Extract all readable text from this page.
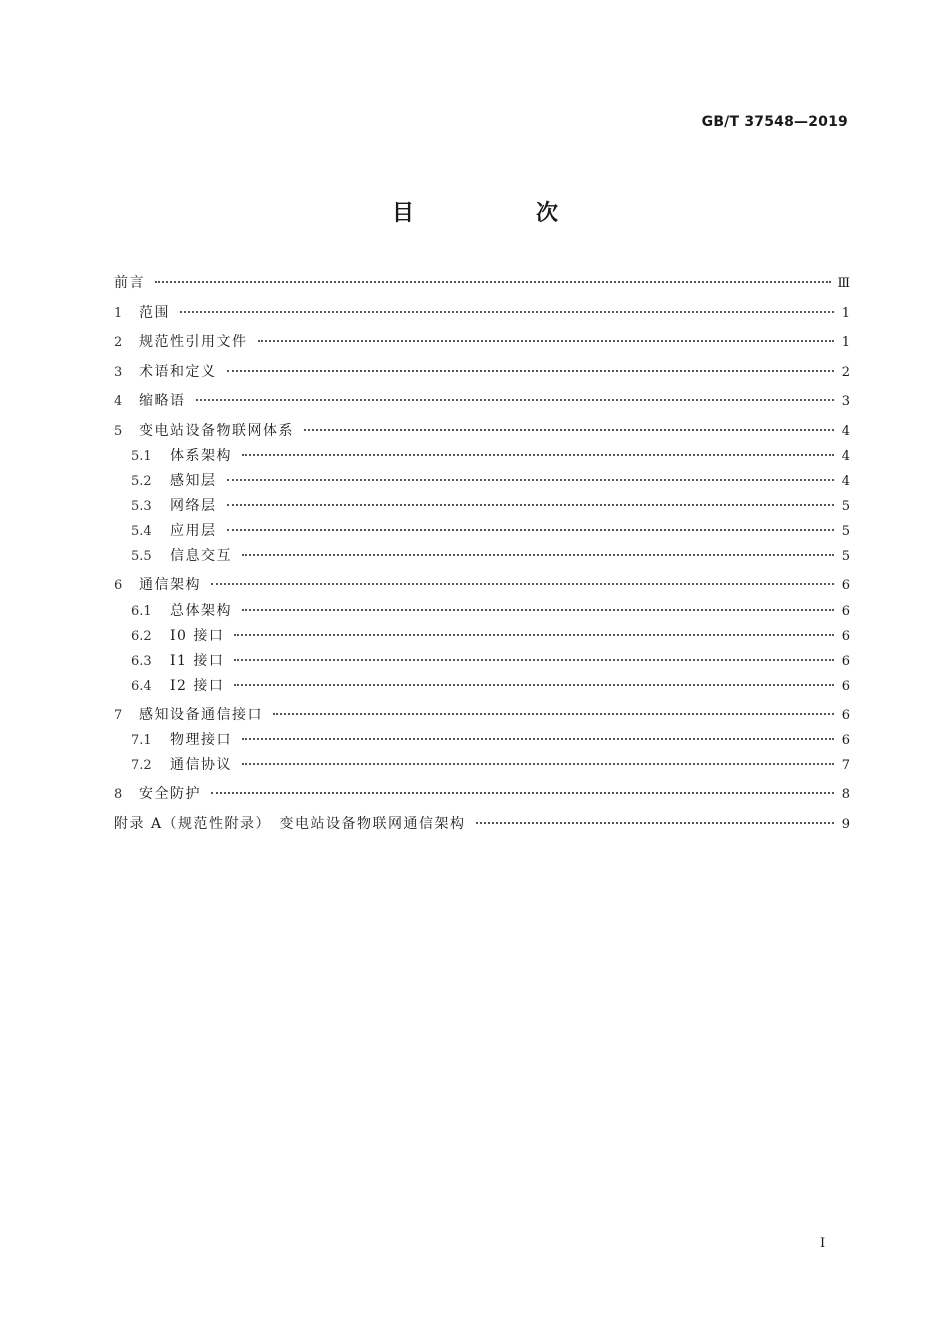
GB/T 37548—2019
目　次
前言	Ⅲ
1	范围	1
2	规范性引用文件	1
3	术语和定义	2
4	缩略语	3
5	变电站设备物联网体系	4
5.1	体系架构	4
5.2	感知层	4
5.3	网络层	5
5.4	应用层	5
5.5	信息交互	5
6	通信架构	6
6.1	总体架构	6
6.2	I0 接口	6
6.3	I1 接口	6
6.4	I2 接口	6
7	感知设备通信接口	6
7.1	物理接口	6
7.2	通信协议	7
8	安全防护	8
附录 A（规范性附录）　变电站设备物联网通信架构	9
I
